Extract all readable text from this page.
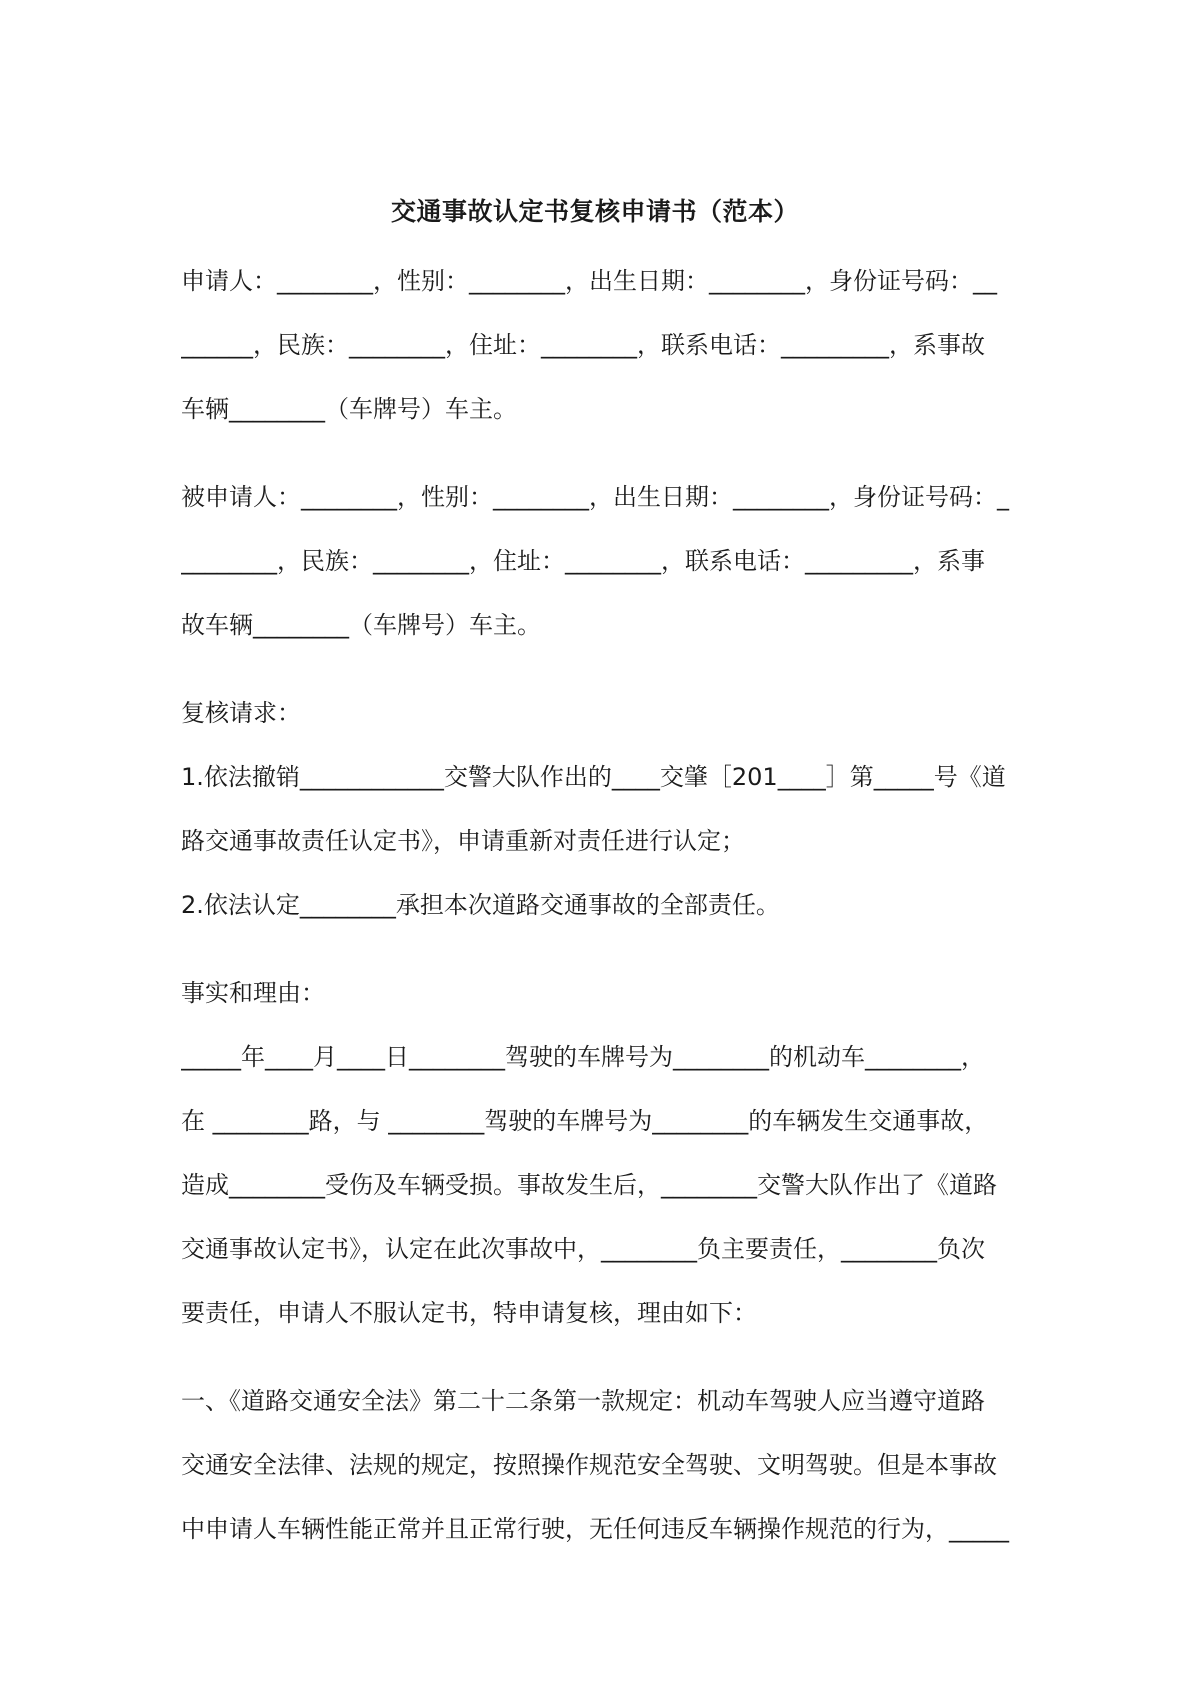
交通事故认定书复核申请书（范本）
申请人：________，性别：________，出生日期：________，身份证号码：__
______，民族：________，住址：________，联系电话：_________，系事故
车辆________（车牌号）车主。
被申请人：________，性别：________，出生日期：________，身份证号码：_
________，民族：________，住址：________，联系电话：_________，系事
故车辆________（车牌号）车主。
复核请求：
1.依法撤销____________交警大队作出的____交肇［201____］第_____号《道
路交通事故责任认定书》，申请重新对责任进行认定；
2.依法认定________承担本次道路交通事故的全部责任。
事实和理由：
_____年____月____日________驾驶的车牌号为________的机动车________，
在 ________路，与 ________驾驶的车牌号为________的车辆发生交通事故，
造成________受伤及车辆受损。事故发生后，________交警大队作出了《道路
交通事故认定书》，认定在此次事故中，________负主要责任，________负次
要责任，申请人不服认定书，特申请复核，理由如下：
一、《道路交通安全法》第二十二条第一款规定：机动车驾驶人应当遵守道路
交通安全法律、法规的规定，按照操作规范安全驾驶、文明驾驶。但是本事故
中申请人车辆性能正常并且正常行驶，无任何违反车辆操作规范的行为，_____
